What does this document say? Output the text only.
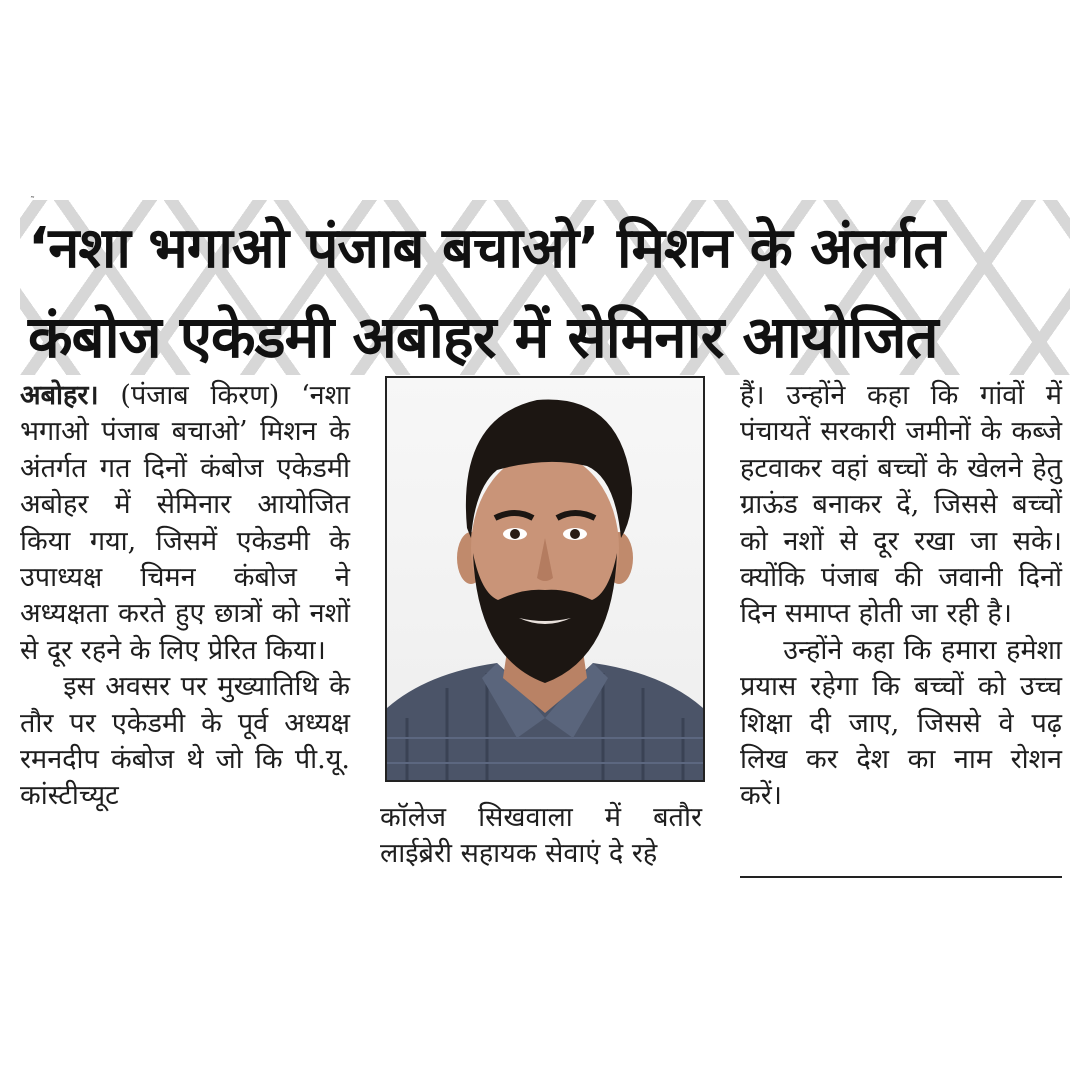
‘नशा भगाओ पंजाब बचाओ’ मिशन के अंतर्गत
कंबोज एकेडमी अबोहर में सेमिनार आयोजित

अबोहर। (पंजाब किरण) ‘नशा भगाओ पंजाब बचाओ’ मिशन के अंतर्गत गत दिनों कंबोज एकेडमी अबोहर में सेमिनार आयोजित किया गया, जिसमें एकेडमी के उपाध्यक्ष चिमन कंबोज ने अध्यक्षता करते हुए छात्रों को नशों से दूर रहने के लिए प्रेरित किया।

इस अवसर पर मुख्यातिथि के तौर पर एकेडमी के पूर्व अध्यक्ष रमनदीप कंबोज थे जो कि पी.यू. कांस्टीच्यूट

कॉलेज सिखवाला में बतौर लाईब्रेरी सहायक सेवाएं दे रहे

हैं। उन्होंने कहा कि गांवों में पंचायतें सरकारी जमीनों के कब्जे हटवाकर वहां बच्चों के खेलने हेतु ग्राऊंड बनाकर दें, जिससे बच्चों को नशों से दूर रखा जा सके। क्योंकि पंजाब की जवानी दिनों दिन समाप्त होती जा रही है।

उन्होंने कहा कि हमारा हमेशा प्रयास रहेगा कि बच्चों को उच्च शिक्षा दी जाए, जिससे वे पढ़ लिख कर देश का नाम रोशन करें।
